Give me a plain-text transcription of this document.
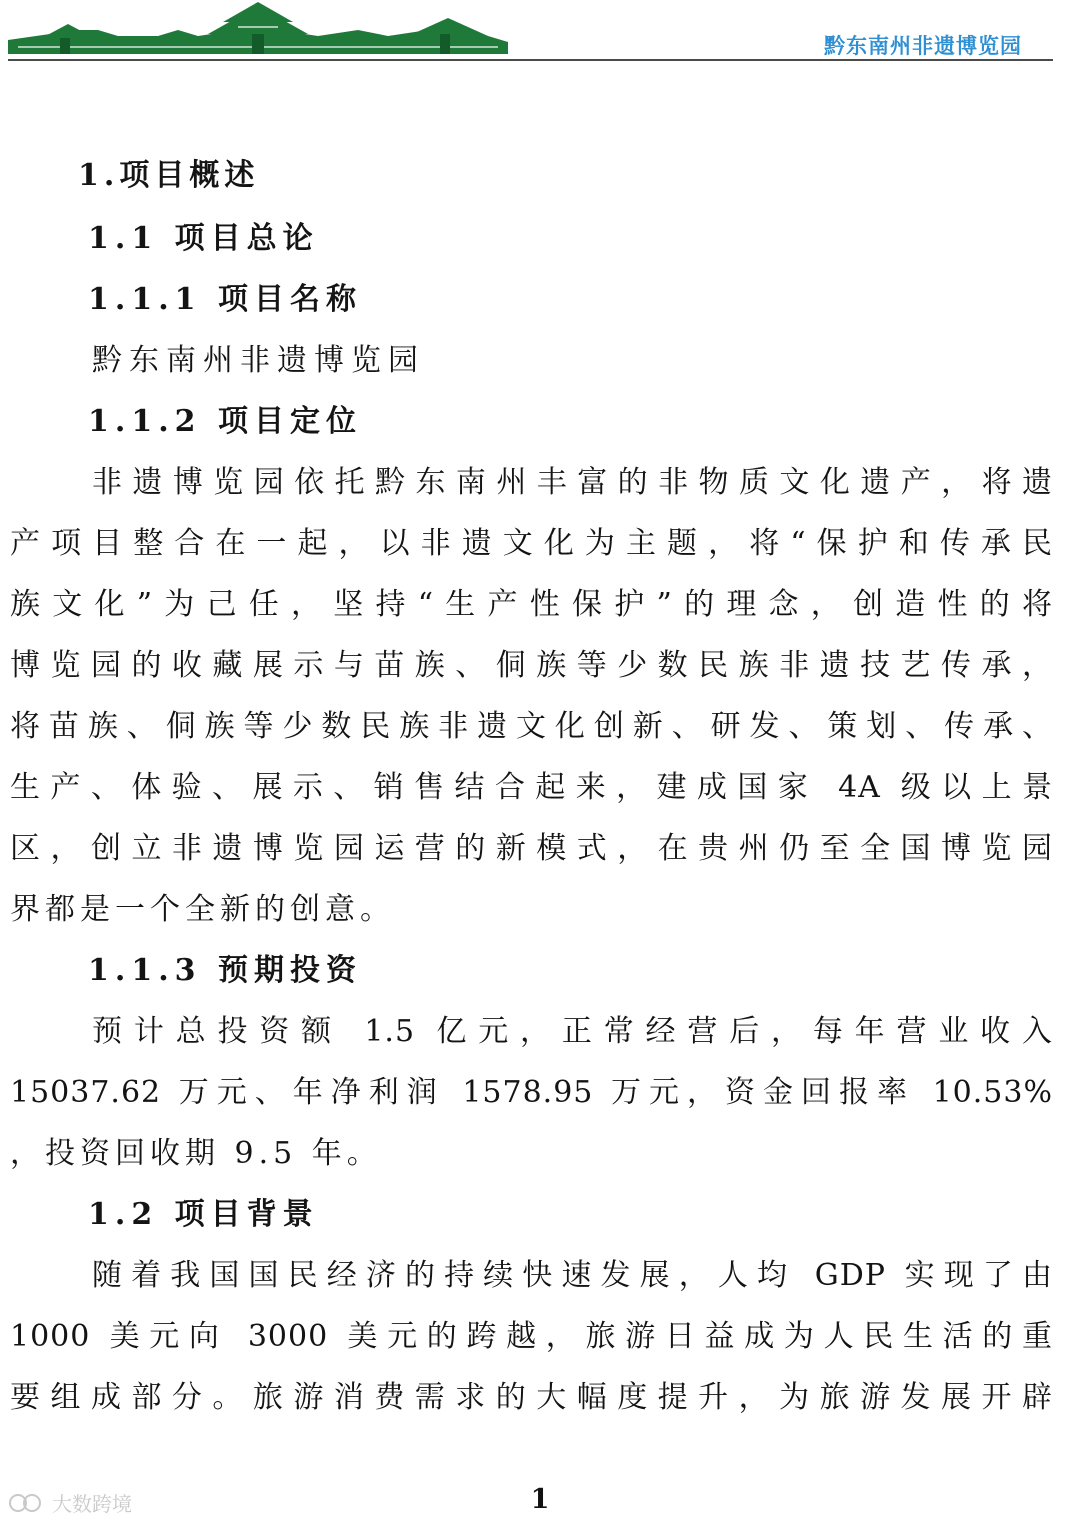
黔东南州非遗博览园
1.项目概述
1.1 项目总论
1.1.1 项目名称
黔东南州非遗博览园
1.1.2 项目定位

非遗博览园依托黔东南州丰富的非物质文化遗产，将遗
产项目整合在一起，以非遗文化为主题，将“保护和传承民
族文化”为己任，坚持“生产性保护”的理念，创造性的将
博览园的收藏展示与苗族、侗族等少数民族非遗技艺传承，
将苗族、侗族等少数民族非遗文化创新、研发、策划、传承、
生产、体验、展示、销售结合起来，建成国家 4A 级以上景
区，创立非遗博览园运营的新模式，在贵州仍至全国博览园
界都是一个全新的创意。

1.1.3 预期投资

预计总投资额 1.5 亿元，正常经营后，每年营业收入
15037.62 万元、年净利润 1578.95 万元，资金回报率 10.53%
，投资回收期 9.5 年。

1.2 项目背景

随着我国国民经济的持续快速发展，人均 GDP 实现了由
1000 美元向 3000 美元的跨越，旅游日益成为人民生活的重
要组成部分。旅游消费需求的大幅度提升，为旅游发展开辟

1
大数跨境
